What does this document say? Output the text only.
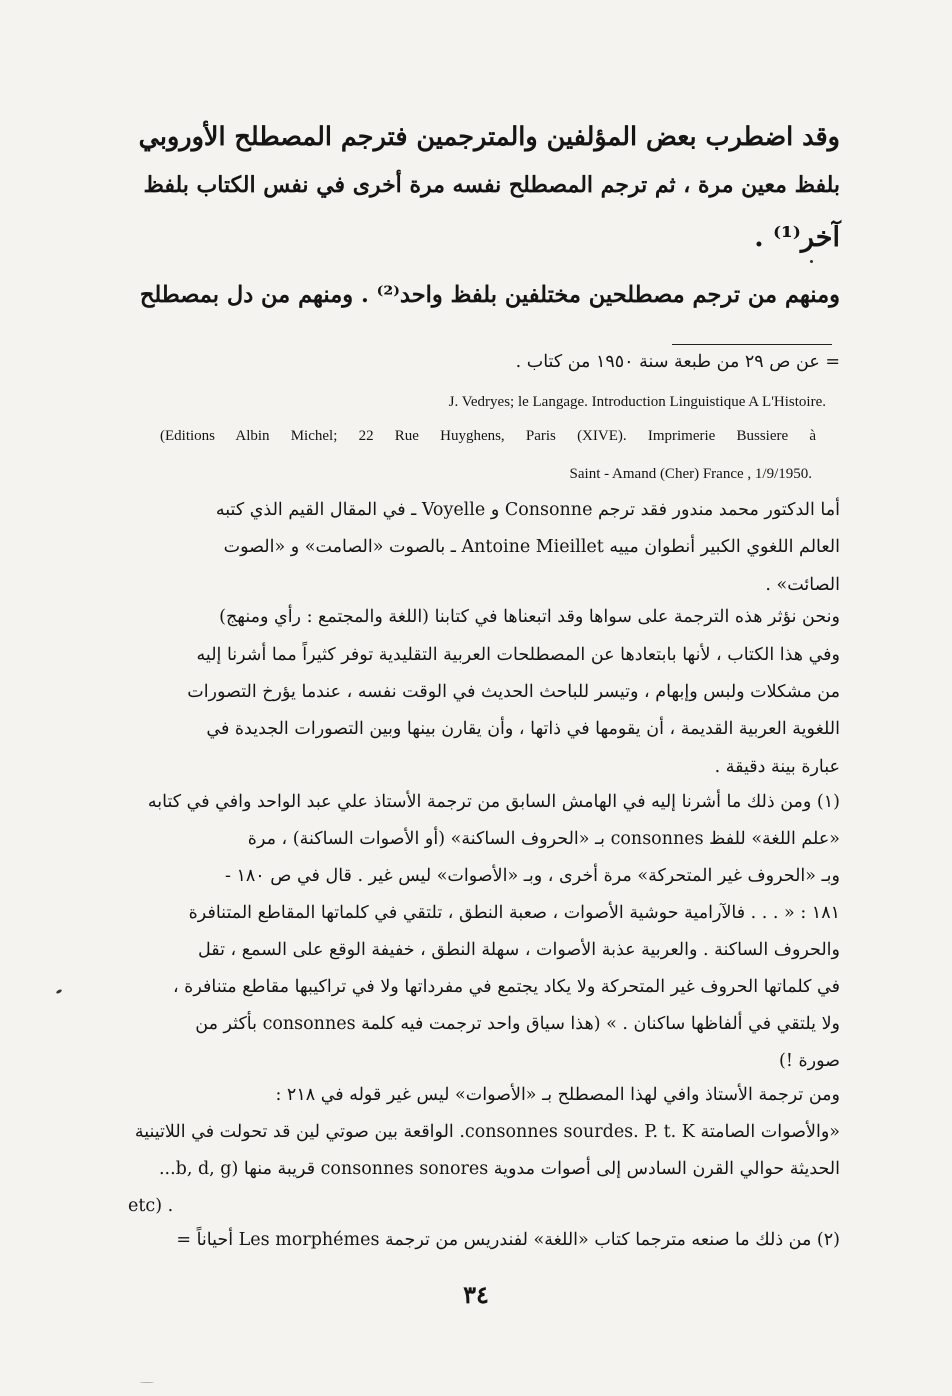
وقد اضطرب بعض المؤلفين والمترجمين فترجم المصطلح الأوروبي
بلفظ معين مرة ، ثم ترجم المصطلح نفسه مرة أخرى في نفس الكتاب بلفظ
آخر⁽¹⁾ .
ومنهم من ترجم مصطلحين مختلفين بلفظ واحد⁽²⁾ . ومنهم من دل بمصطلح
= عن ص ٢٩ من طبعة سنة ١٩٥٠ من كتاب .
J. Vedryes; le Langage. Introduction Linguistique A L'Histoire.
(Editions Albin Michel; 22 Rue Huyghens, Paris (XIVE). Imprimerie Bussiere à
Saint - Amand (Cher) France , 1/9/1950.
أما الدكتور محمد مندور فقد ترجم Consonne و Voyelle ـ في المقال القيم الذي كتبه
العالم اللغوي الكبير أنطوان مييه Antoine Mieillet ـ بالصوت «الصامت» و «الصوت
الصائت» .
ونحن نؤثر هذه الترجمة على سواها وقد اتبعناها في كتابنا (اللغة والمجتمع : رأي ومنهج)
وفي هذا الكتاب ، لأنها بابتعادها عن المصطلحات العربية التقليدية توفر كثيراً مما أشرنا إليه
من مشكلات ولبس وإبهام ، وتيسر للباحث الحديث في الوقت نفسه ، عندما يؤرخ التصورات
اللغوية العربية القديمة ، أن يقومها في ذاتها ، وأن يقارن بينها وبين التصورات الجديدة في
عبارة بينة دقيقة .
(١) ومن ذلك ما أشرنا إليه في الهامش السابق من ترجمة الأستاذ علي عبد الواحد وافي في كتابه
«علم اللغة» للفظ consonnes بـ «الحروف الساكنة» (أو الأصوات الساكنة) ، مرة
وبـ «الحروف غير المتحركة» مرة أخرى ، وبـ «الأصوات» ليس غير . قال في ص ١٨٠ -
١٨١ : « . . . فالآرامية حوشية الأصوات ، صعبة النطق ، تلتقي في كلماتها المقاطع المتنافرة
والحروف الساكنة . والعربية عذبة الأصوات ، سهلة النطق ، خفيفة الوقع على السمع ، تقل
في كلماتها الحروف غير المتحركة ولا يكاد يجتمع في مفرداتها ولا في تراكيبها مقاطع متنافرة ،
ولا يلتقي في ألفاظها ساكنان . » (هذا سياق واحد ترجمت فيه كلمة consonnes بأكثر من
صورة !)
ومن ترجمة الأستاذ وافي لهذا المصطلح بـ «الأصوات» ليس غير قوله في ٢١٨ :
«والأصوات الصامتة consonnes sourdes. P. t. K. الواقعة بين صوتي لين قد تحولت في اللاتينية
الحديثة حوالي القرن السادس إلى أصوات مدوية consonnes sonores قريبة منها (b, d, g...
etc) .
(٢) من ذلك ما صنعه مترجما كتاب «اللغة» لفندريس من ترجمة Les morphémes أحياناً =
٣٤
